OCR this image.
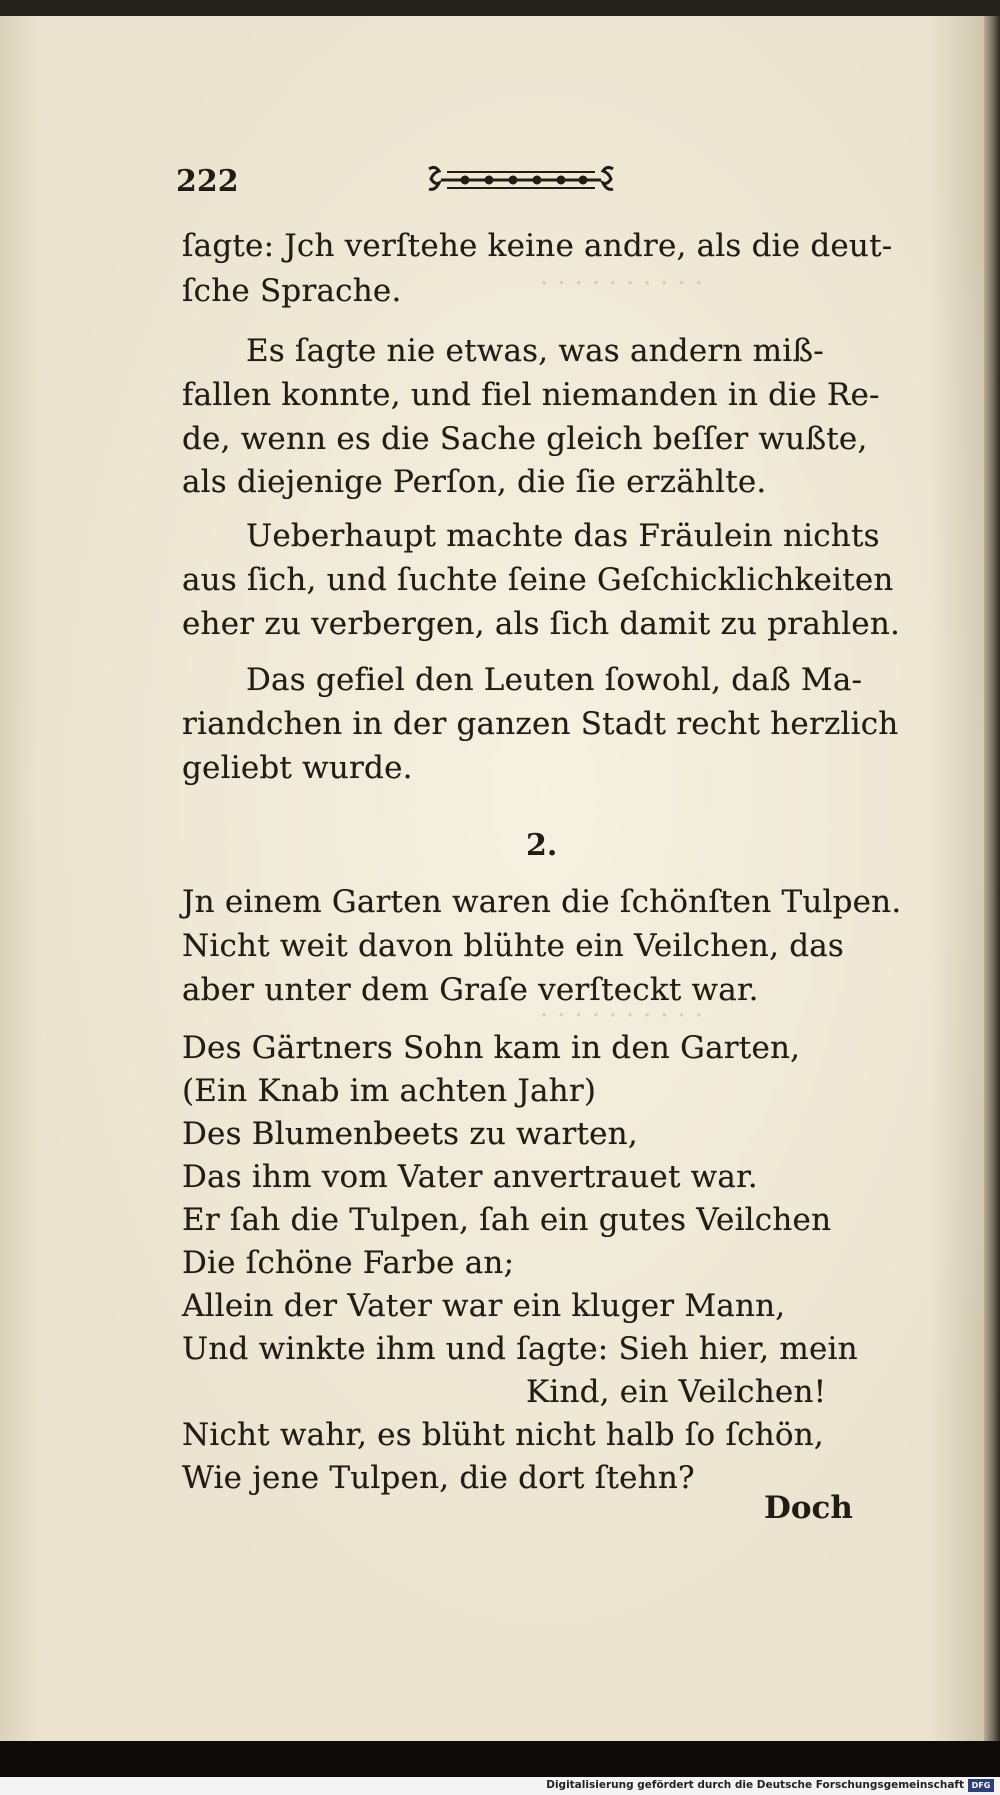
· · · · · · · · · ·
· · · · · · · · · ·
222
ſagte: Jch verſtehe keine andre, als die deut-
ſche Sprache.
Es ſagte nie etwas, was andern miß-
fallen konnte, und fiel niemanden in die Re-
de, wenn es die Sache gleich beſſer wußte,
als diejenige Perſon, die ſie erzählte.
Ueberhaupt machte das Fräulein nichts
aus ſich, und ſuchte ſeine Geſchicklichkeiten
eher zu verbergen, als ſich damit zu prahlen.
Das gefiel den Leuten ſowohl, daß Ma-
riandchen in der ganzen Stadt recht herzlich
geliebt wurde.
2.
Jn einem Garten waren die ſchönſten Tulpen.
Nicht weit davon blühte ein Veilchen, das
aber unter dem Graſe verſteckt war.
Des Gärtners Sohn kam in den Garten,
(Ein Knab im achten Jahr)
Des Blumenbeets zu warten,
Das ihm vom Vater anvertrauet war.
Er ſah die Tulpen, ſah ein gutes Veilchen
Die ſchöne Farbe an;
Allein der Vater war ein kluger Mann,
Und winkte ihm und ſagte: Sieh hier, mein
Kind, ein Veilchen!
Nicht wahr, es blüht nicht halb ſo ſchön,
Wie jene Tulpen, die dort ſtehn?
Doch
Digitalisierung gefördert durch die Deutsche Forschungsgemeinschaft DFG
